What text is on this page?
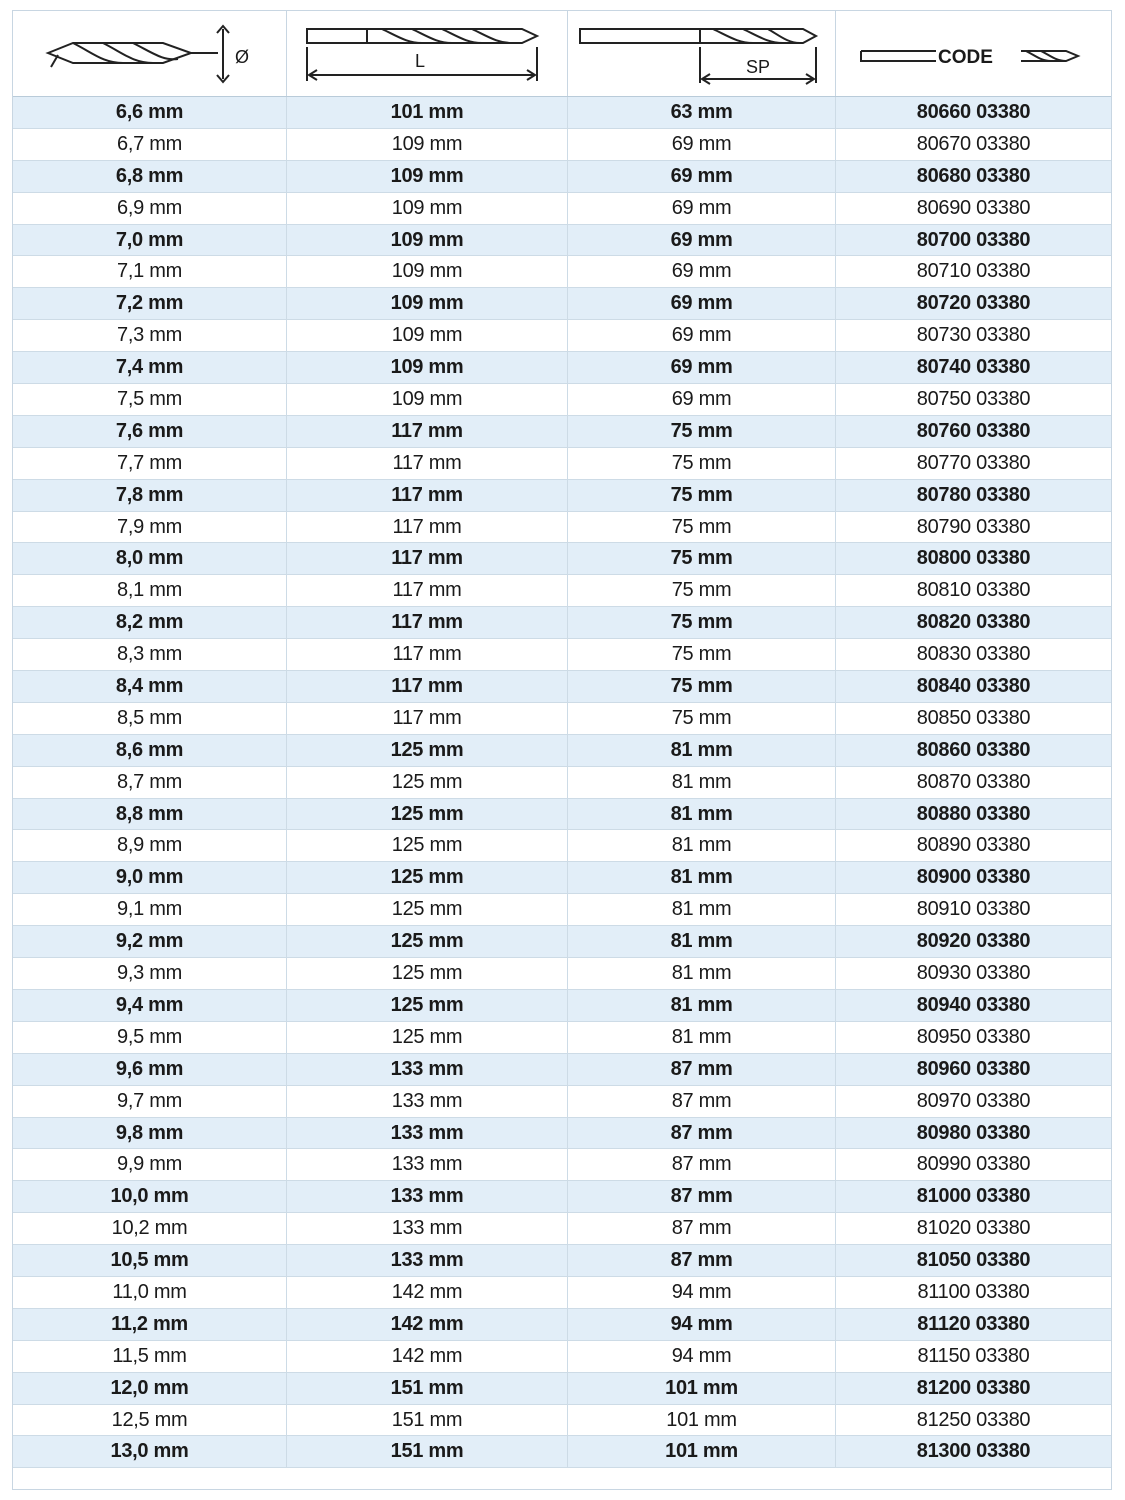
Ø	L	SP	CODE
6,6 mm	101 mm	63 mm	80660 03380
6,7 mm	109 mm	69 mm	80670 03380
6,8 mm	109 mm	69 mm	80680 03380
6,9 mm	109 mm	69 mm	80690 03380
7,0 mm	109 mm	69 mm	80700 03380
7,1 mm	109 mm	69 mm	80710 03380
7,2 mm	109 mm	69 mm	80720 03380
7,3 mm	109 mm	69 mm	80730 03380
7,4 mm	109 mm	69 mm	80740 03380
7,5 mm	109 mm	69 mm	80750 03380
7,6 mm	117 mm	75 mm	80760 03380
7,7 mm	117 mm	75 mm	80770 03380
7,8 mm	117 mm	75 mm	80780 03380
7,9 mm	117 mm	75 mm	80790 03380
8,0 mm	117 mm	75 mm	80800 03380
8,1 mm	117 mm	75 mm	80810 03380
8,2 mm	117 mm	75 mm	80820 03380
8,3 mm	117 mm	75 mm	80830 03380
8,4 mm	117 mm	75 mm	80840 03380
8,5 mm	117 mm	75 mm	80850 03380
8,6 mm	125 mm	81 mm	80860 03380
8,7 mm	125 mm	81 mm	80870 03380
8,8 mm	125 mm	81 mm	80880 03380
8,9 mm	125 mm	81 mm	80890 03380
9,0 mm	125 mm	81 mm	80900 03380
9,1 mm	125 mm	81 mm	80910 03380
9,2 mm	125 mm	81 mm	80920 03380
9,3 mm	125 mm	81 mm	80930 03380
9,4 mm	125 mm	81 mm	80940 03380
9,5 mm	125 mm	81 mm	80950 03380
9,6 mm	133 mm	87 mm	80960 03380
9,7 mm	133 mm	87 mm	80970 03380
9,8 mm	133 mm	87 mm	80980 03380
9,9 mm	133 mm	87 mm	80990 03380
10,0 mm	133 mm	87 mm	81000 03380
10,2 mm	133 mm	87 mm	81020 03380
10,5 mm	133 mm	87 mm	81050 03380
11,0 mm	142 mm	94 mm	81100 03380
11,2 mm	142 mm	94 mm	81120 03380
11,5 mm	142 mm	94 mm	81150 03380
12,0 mm	151 mm	101 mm	81200 03380
12,5 mm	151 mm	101 mm	81250 03380
13,0 mm	151 mm	101 mm	81300 03380
